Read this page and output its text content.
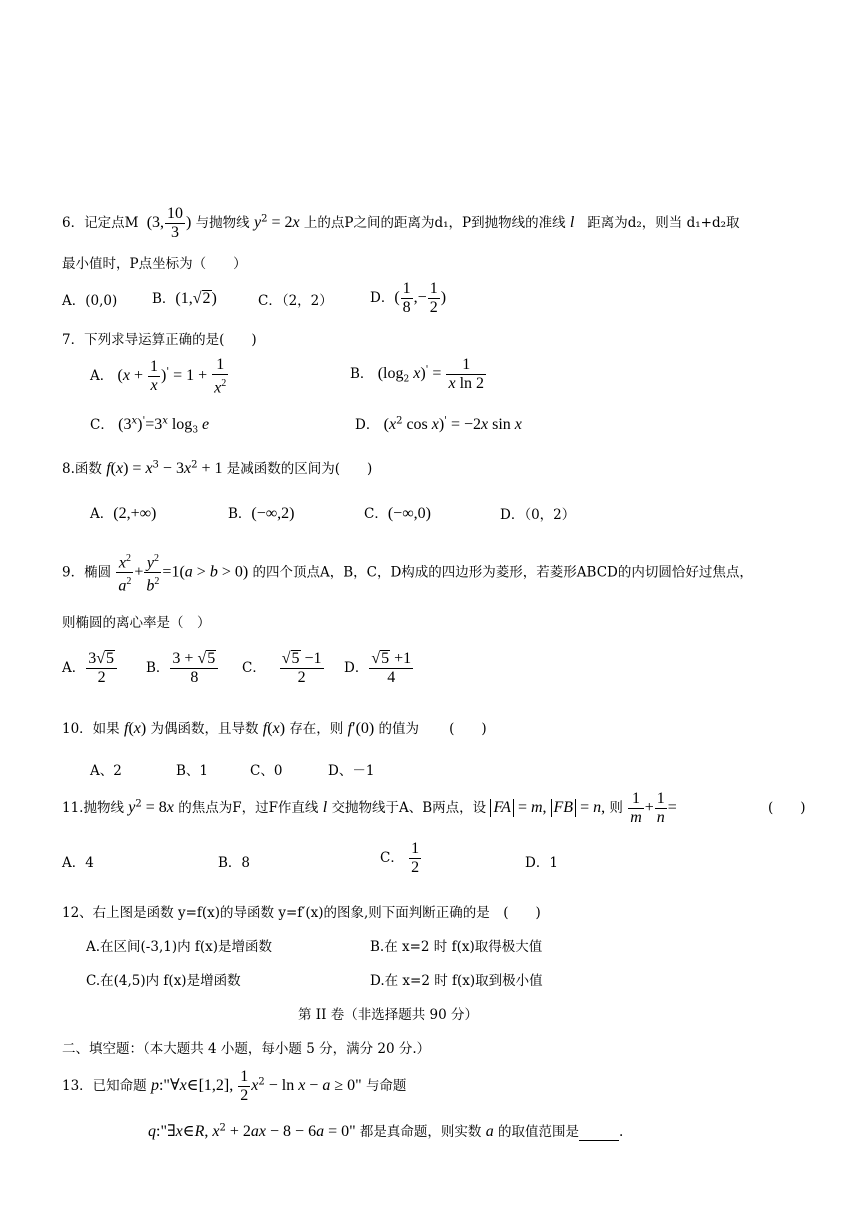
6．记定点M  (3, $\frac{10}{3}$ ) 与抛物线 $y^2 = 2x$ 上的点P之间的距离为d₁，P到抛物线的准线 l 距离为d₂，则当 d₁+d₂取
最小值时，P点坐标为（　　）
A．(0,0)	B．(1,√2)	C．（2，2）	D．( $\frac{1}{8}$ ,− $\frac{1}{2}$ )
7．下列求导运算正确的是(　　)
A． $(x + \frac{1}{x} )' = 1 + \frac{1}{x^2}$	B． ($\log_2$ $x)' = \frac{1}{\text{x ln 2}}$
C． $(3^x)'=3^x$ $\log_3 e$	D． ($x^2$ cos x)' = −2x sin x
8.函数 $f(x) = x^3 - 3x^2 + 1$ 是减函数的区间为(　　)
A．(2,+∞)	B．(−∞,2)	C．(−∞,0)	D．（0，2）
9．椭圆 $\frac{x^2}{a^2} + \frac{y^2}{b^2} =1(a > b > 0)$ 的四个顶点A，B，C，D构成的四边形为菱形，若菱形ABCD的内切圆恰好过焦点，
则椭圆的离心率是（　）
A． $\frac{3√5}{2}$ B． $\frac{3 + √5}{8}$ C． $\frac{√5 -1}{2}$ D． $\frac{√5 +1}{4}$
10．如果 f(x) 为偶函数，且导数 f(x) 存在，则 f′(0) 的值为 (　　)
A、2	B、1	C、0	D、－1
11.抛物线 $y^2 = 8x$ 的焦点为F，过F作直线 l 交抛物线于A、B两点，设 FA = m, FB = n, 则 $\frac{1}{m} + \frac{1}{n}$ =	(　　)
A．4	B．8	C． $\frac{1}{2}$	D．1
12、右上图是函数 y=f(x)的导函数 y=f′(x)的图象,则下面判断正确的是　(　　)
A.在区间(-3,1)内 f(x)是增函数	B.在 x=2 时 f(x)取得极大值
C.在(4,5)内 f(x)是增函数	D.在 x=2 时 f(x)取到极小值
第 II 卷（非选择题共 90 分）
二、填空题：（本大题共 4 小题，每小题 5 分，满分 20 分.）
13．已知命题 p:"∀x∈[1,2], $\frac{1}{2} x^2 - \ln x - a \ge 0$" 与命题
q:"∃x∈R, $x^2 + 2ax - 8 - 6a = 0$" 都是真命题，则实数 a 的取值范围是	.
